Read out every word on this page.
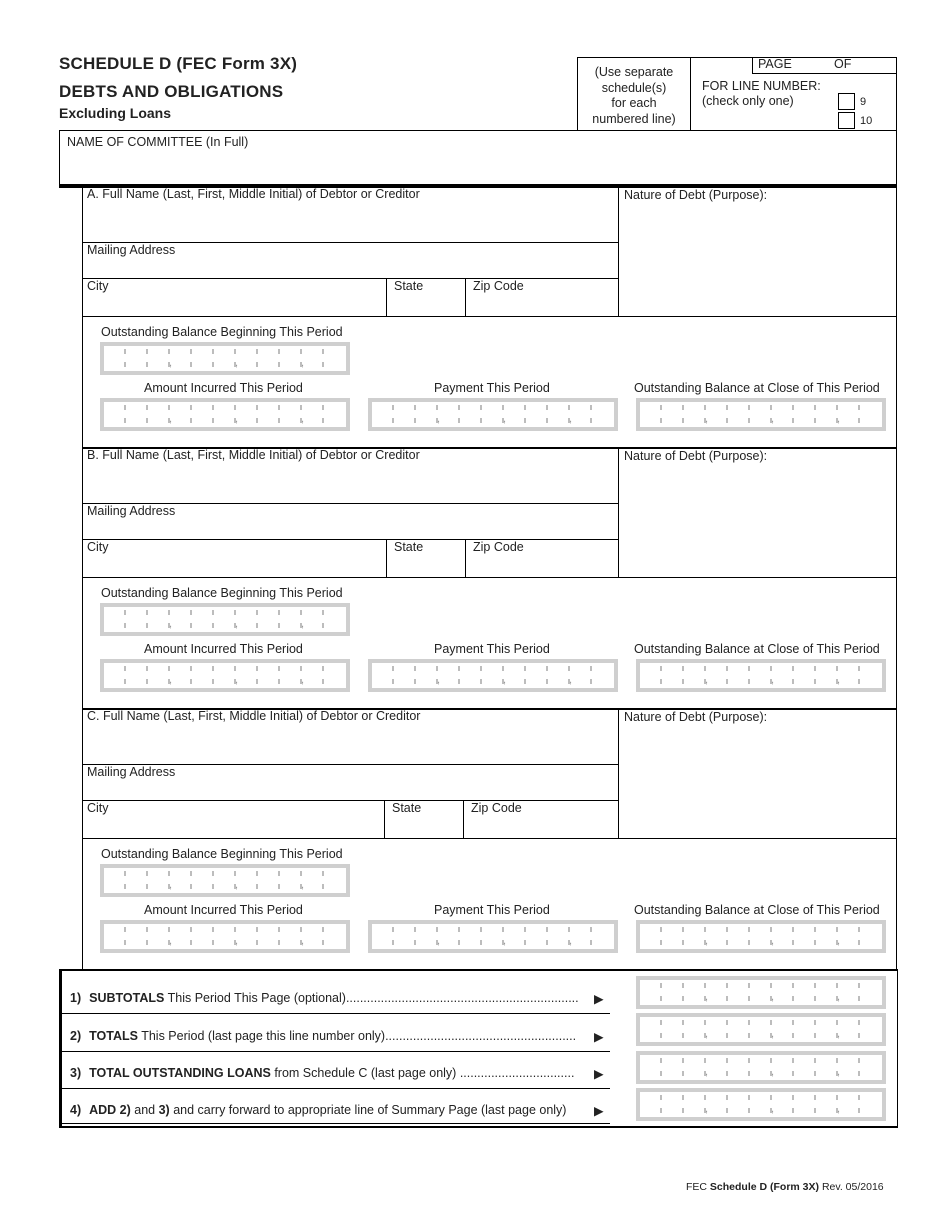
SCHEDULE D (FEC Form 3X)
DEBTS AND OBLIGATIONS
Excluding Loans
(Use separate
schedule(s)
for each
numbered line)
PAGE	OF
FOR LINE NUMBER:
(check only one)	9
10
NAME OF COMMITTEE (In Full)
A. Full Name (Last, First, Middle Initial) of Debtor or Creditor	Nature of Debt (Purpose):
Mailing Address
City	State	Zip Code
Outstanding Balance Beginning This Period
Amount Incurred This Period	Payment This Period	Outstanding Balance at Close of This Period
,	,	,
,	,	,	,	,	,	,	,	,
B. Full Name (Last, First, Middle Initial) of Debtor or Creditor	Nature of Debt (Purpose):
Mailing Address
City	State	Zip Code
Outstanding Balance Beginning This Period
Amount Incurred This Period	Payment This Period	Outstanding Balance at Close of This Period
,	,	,
,	,	,	,	,	,	,	,	,
C. Full Name (Last, First, Middle Initial) of Debtor or Creditor	Nature of Debt (Purpose):
Mailing Address
City	State	Zip Code
Outstanding Balance Beginning This Period
Amount Incurred This Period	Payment This Period	Outstanding Balance at Close of This Period
,	,	,
,	,	,	,	,	,	,	,	,
1) SUBTOTALS This Period This Page (optional)................................................................... ▶	,	,	,
2) TOTALS This Period (last page this line number only)....................................................... ▶	,	,	,
3) TOTAL OUTSTANDING LOANS from Schedule C (last page only) ................................. ▶	,	,	,
4) ADD 2) and 3) and carry forward to appropriate line of Summary Page (last page only) ▶	,	,	,
FEC Schedule D (Form 3X) Rev. 05/2016
